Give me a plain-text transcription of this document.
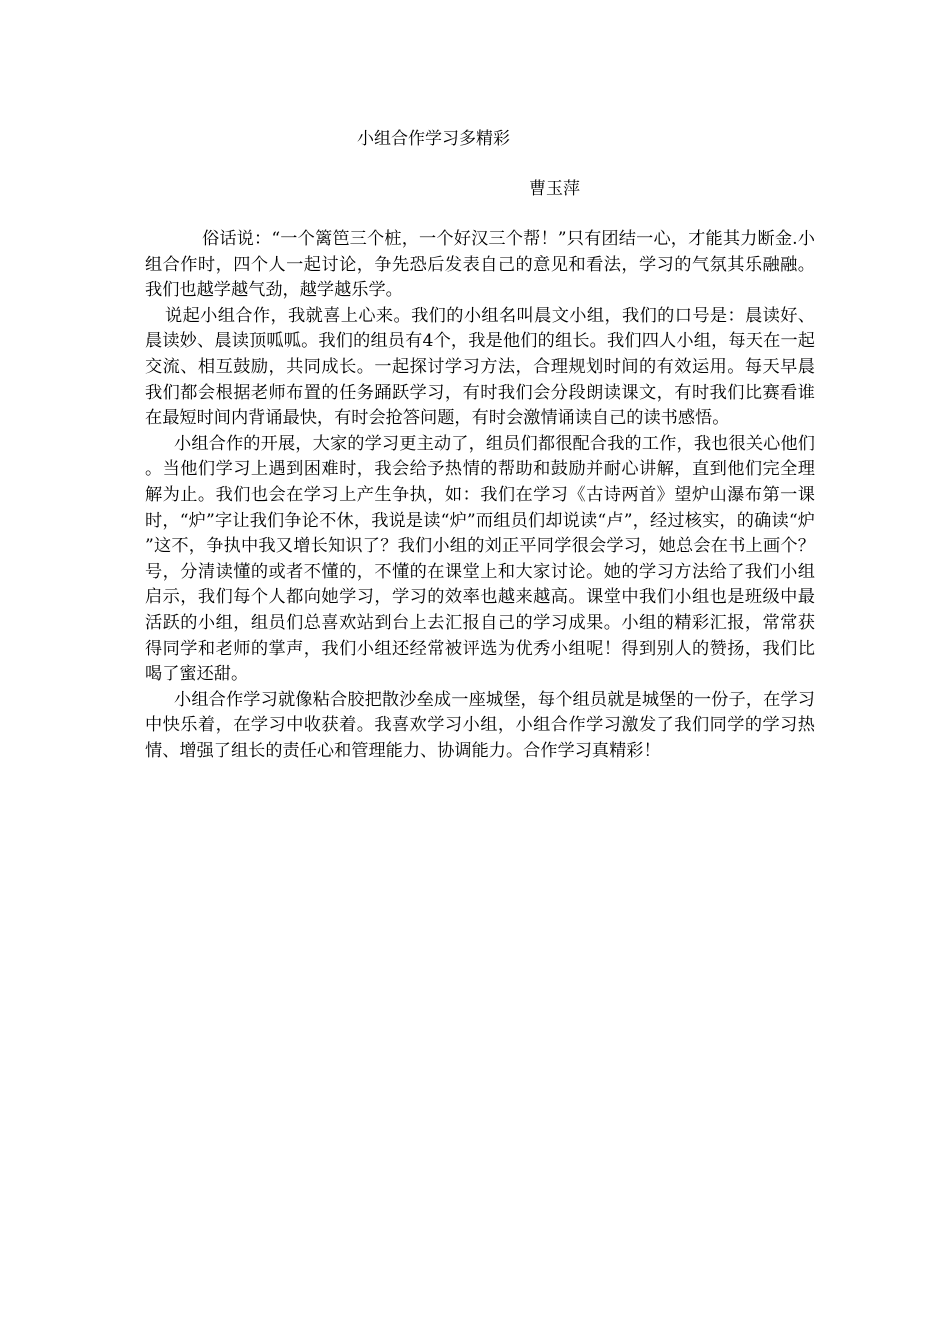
小组合作学习多精彩
曹玉萍

俗话说：“一个篱笆三个桩，一个好汉三个帮！”只有团结一心，才能其力断金.小组合作时，四个人一起讨论，争先恐后发表自己的意见和看法，学习的气氛其乐融融。我们也越学越气劲，越学越乐学。

说起小组合作，我就喜上心来。我们的小组名叫晨文小组，我们的口号是：晨读好、晨读妙、晨读顶呱呱。我们的组员有4个，我是他们的组长。我们四人小组，每天在一起交流、相互鼓励，共同成长。一起探讨学习方法，合理规划时间的有效运用。每天早晨我们都会根据老师布置的任务踊跃学习，有时我们会分段朗读课文，有时我们比赛看谁在最短时间内背诵最快，有时会抢答问题，有时会激情诵读自己的读书感悟。

小组合作的开展，大家的学习更主动了，组员们都很配合我的工作，我也很关心他们。当他们学习上遇到困难时，我会给予热情的帮助和鼓励并耐心讲解，直到他们完全理解为止。我们也会在学习上产生争执，如：我们在学习《古诗两首》望炉山瀑布第一课时，“炉”字让我们争论不休，我说是读“炉”而组员们却说读“卢”，经过核实，的确读“炉”这不，争执中我又增长知识了？我们小组的刘正平同学很会学习，她总会在书上画个？号，分清读懂的或者不懂的，不懂的在课堂上和大家讨论。她的学习方法给了我们小组启示，我们每个人都向她学习，学习的效率也越来越高。课堂中我们小组也是班级中最活跃的小组，组员们总喜欢站到台上去汇报自己的学习成果。小组的精彩汇报，常常获得同学和老师的掌声，我们小组还经常被评选为优秀小组呢！得到别人的赞扬，我们比喝了蜜还甜。

小组合作学习就像粘合胶把散沙垒成一座城堡，每个组员就是城堡的一份子，在学习中快乐着，在学习中收获着。我喜欢学习小组，小组合作学习激发了我们同学的学习热情、增强了组长的责任心和管理能力、协调能力。合作学习真精彩！
